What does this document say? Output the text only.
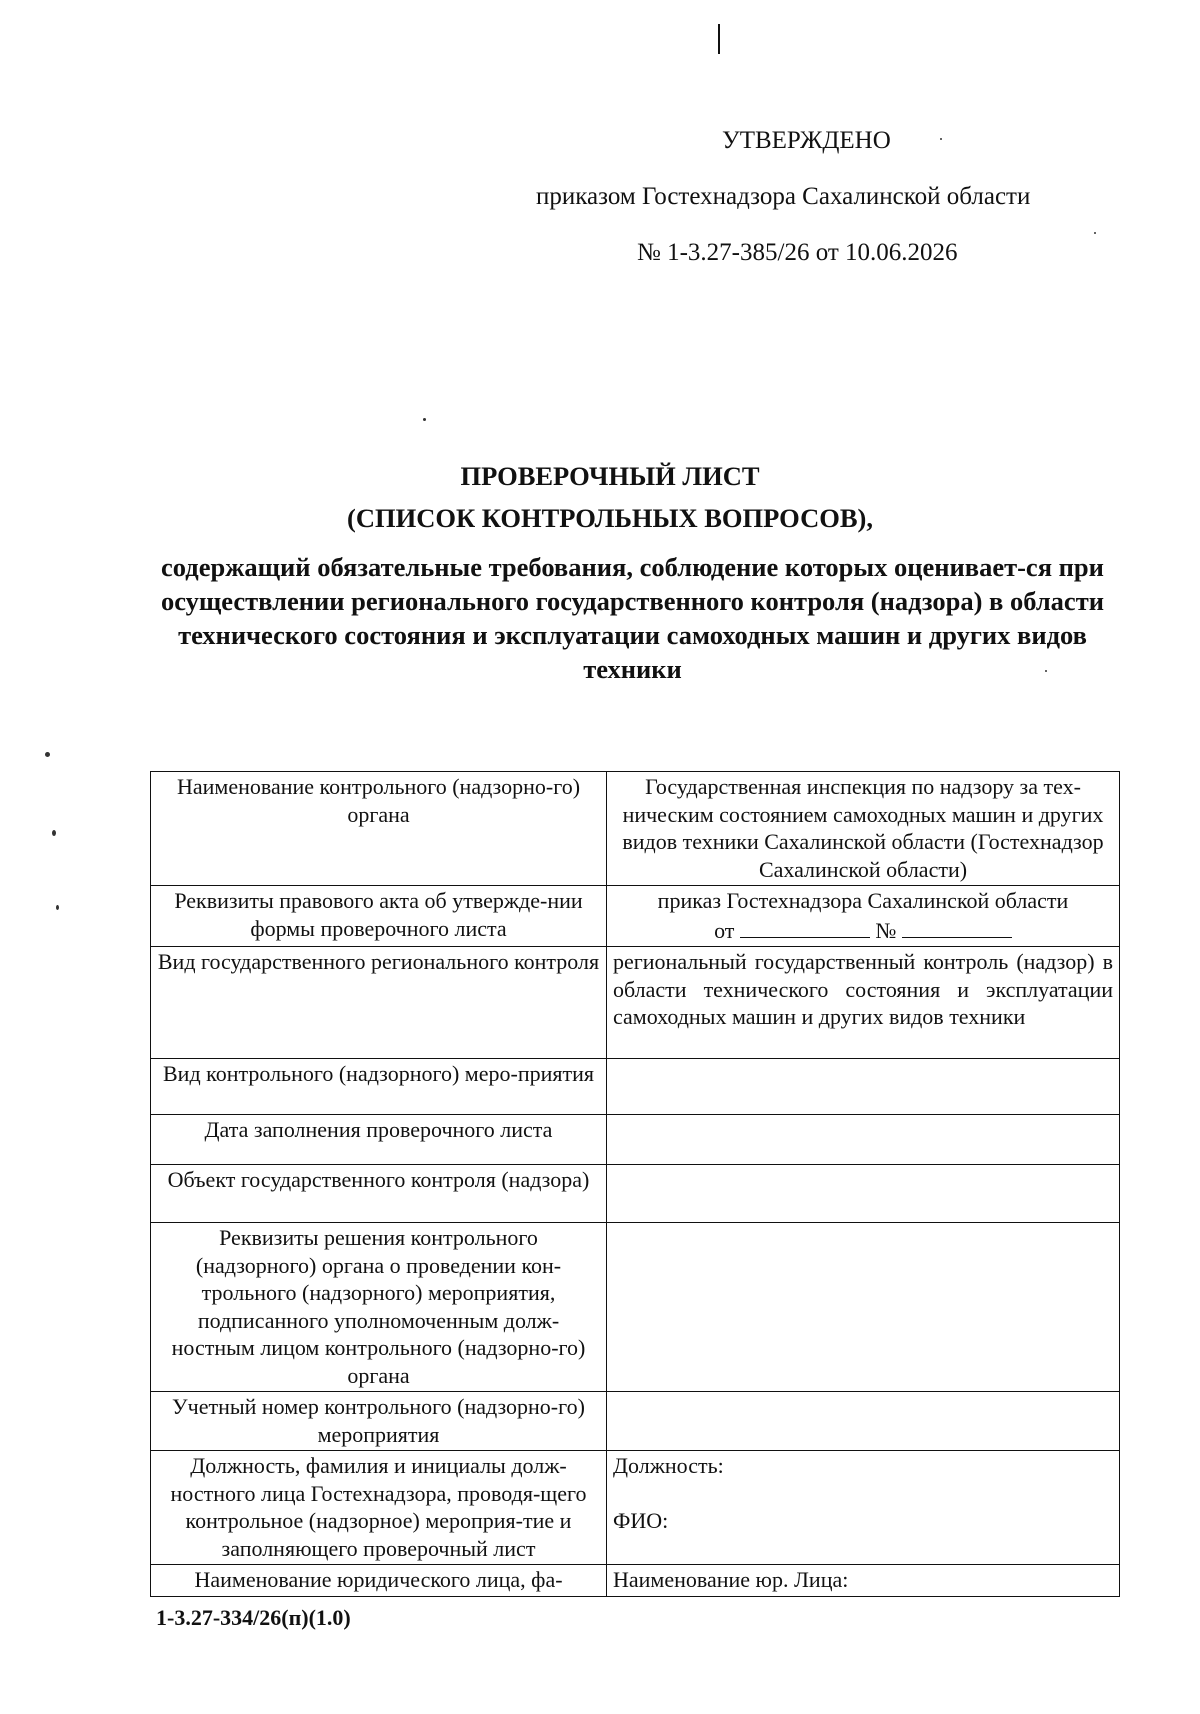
УТВЕРЖДЕНО
приказом Гостехнадзора Сахалинской области
№ 1-3.27-385/26 от 10.06.2026
ПРОВЕРОЧНЫЙ ЛИСТ
(СПИСОК КОНТРОЛЬНЫХ ВОПРОСОВ),
содержащий обязательные требования, соблюдение которых оценивает-ся при осуществлении регионального государственного контроля (надзора) в области технического состояния и эксплуатации самоходных машин и других видов техники
Наименование контрольного (надзорно-го) органа	Государственная инспекция по надзору за тех-ническим состоянием самоходных машин и других видов техники Сахалинской области (Гостехнадзор Сахалинской области)
Реквизиты правового акта об утвержде-нии формы проверочного листа	приказ Гостехнадзора Сахалинской области
от №

Вид государственного регионального контроля	региональный государственный контроль (надзор) в области технического состояния и эксплуатации самоходных машин и других видов техники
Вид контрольного (надзорного) меро-приятия	
Дата заполнения проверочного листа	
Объект государственного контроля (надзора)	
Реквизиты решения контрольного (надзорного) органа о проведении кон-трольного (надзорного) мероприятия, подписанного уполномоченным долж-ностным лицом контрольного (надзорно-го) органа	
Учетный номер контрольного (надзорно-го) мероприятия	
Должность, фамилия и инициалы долж-ностного лица Гостехнадзора, проводя-щего контрольное (надзорное) мероприя-тие и заполняющего проверочный лист	Должность:
ФИО:

Наименование юридического лица, фа-	Наименование юр. Лица:
1-3.27-334/26(п)(1.0)
